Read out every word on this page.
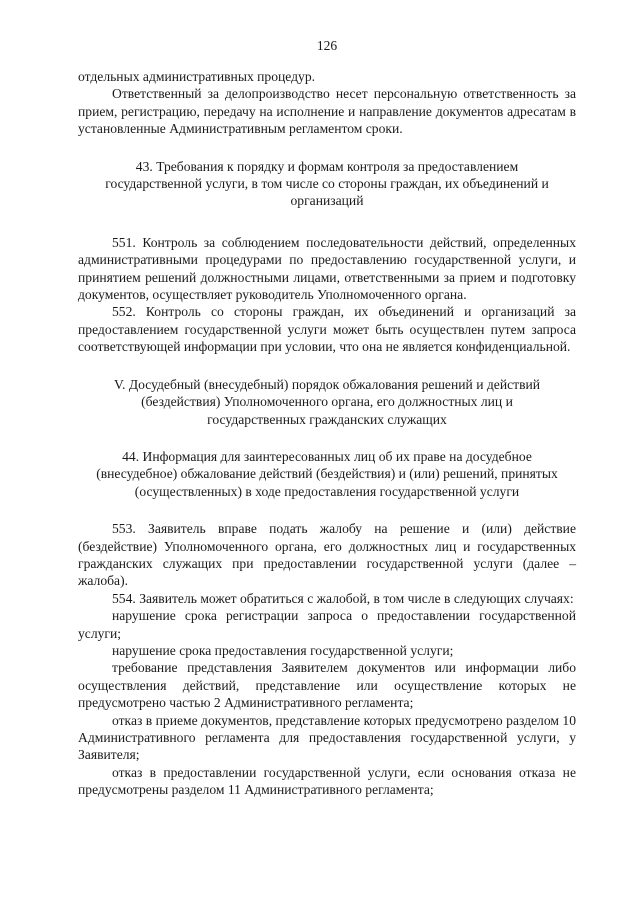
126

отдельных административных процедур.

Ответственный за делопроизводство несет персональную ответственность за прием, регистрацию, передачу на исполнение и направление документов адресатам в установленные Административным регламентом сроки.

43. Требования к порядку и формам контроля за предоставлением государственной услуги, в том числе со стороны граждан, их объединений и организаций

551. Контроль за соблюдением последовательности действий, определенных административными процедурами по предоставлению государственной услуги, и принятием решений должностными лицами, ответственными за прием и подготовку документов, осуществляет руководитель Уполномоченного органа.

552. Контроль со стороны граждан, их объединений и организаций за предоставлением государственной услуги может быть осуществлен путем запроса соответствующей информации при условии, что она не является конфиденциальной.

V. Досудебный (внесудебный) порядок обжалования решений и действий (бездействия) Уполномоченного органа, его должностных лиц и государственных гражданских служащих
44. Информация для заинтересованных лиц об их праве на досудебное (внесудебное) обжалование действий (бездействия) и (или) решений, принятых (осуществленных) в ходе предоставления государственной услуги

553. Заявитель вправе подать жалобу на решение и (или) действие (бездействие) Уполномоченного органа, его должностных лиц и государственных гражданских служащих при предоставлении государственной услуги (далее – жалоба).

554. Заявитель может обратиться с жалобой, в том числе в следующих случаях:

нарушение срока регистрации запроса о предоставлении государственной услуги;

нарушение срока предоставления государственной услуги;

требование представления Заявителем документов или информации либо осуществления действий, представление или осуществление которых не предусмотрено частью 2 Административного регламента;

отказ в приеме документов, представление которых предусмотрено разделом 10 Административного регламента для предоставления государственной услуги, у Заявителя;

отказ в предоставлении государственной услуги, если основания отказа не предусмотрены разделом 11 Административного регламента;
